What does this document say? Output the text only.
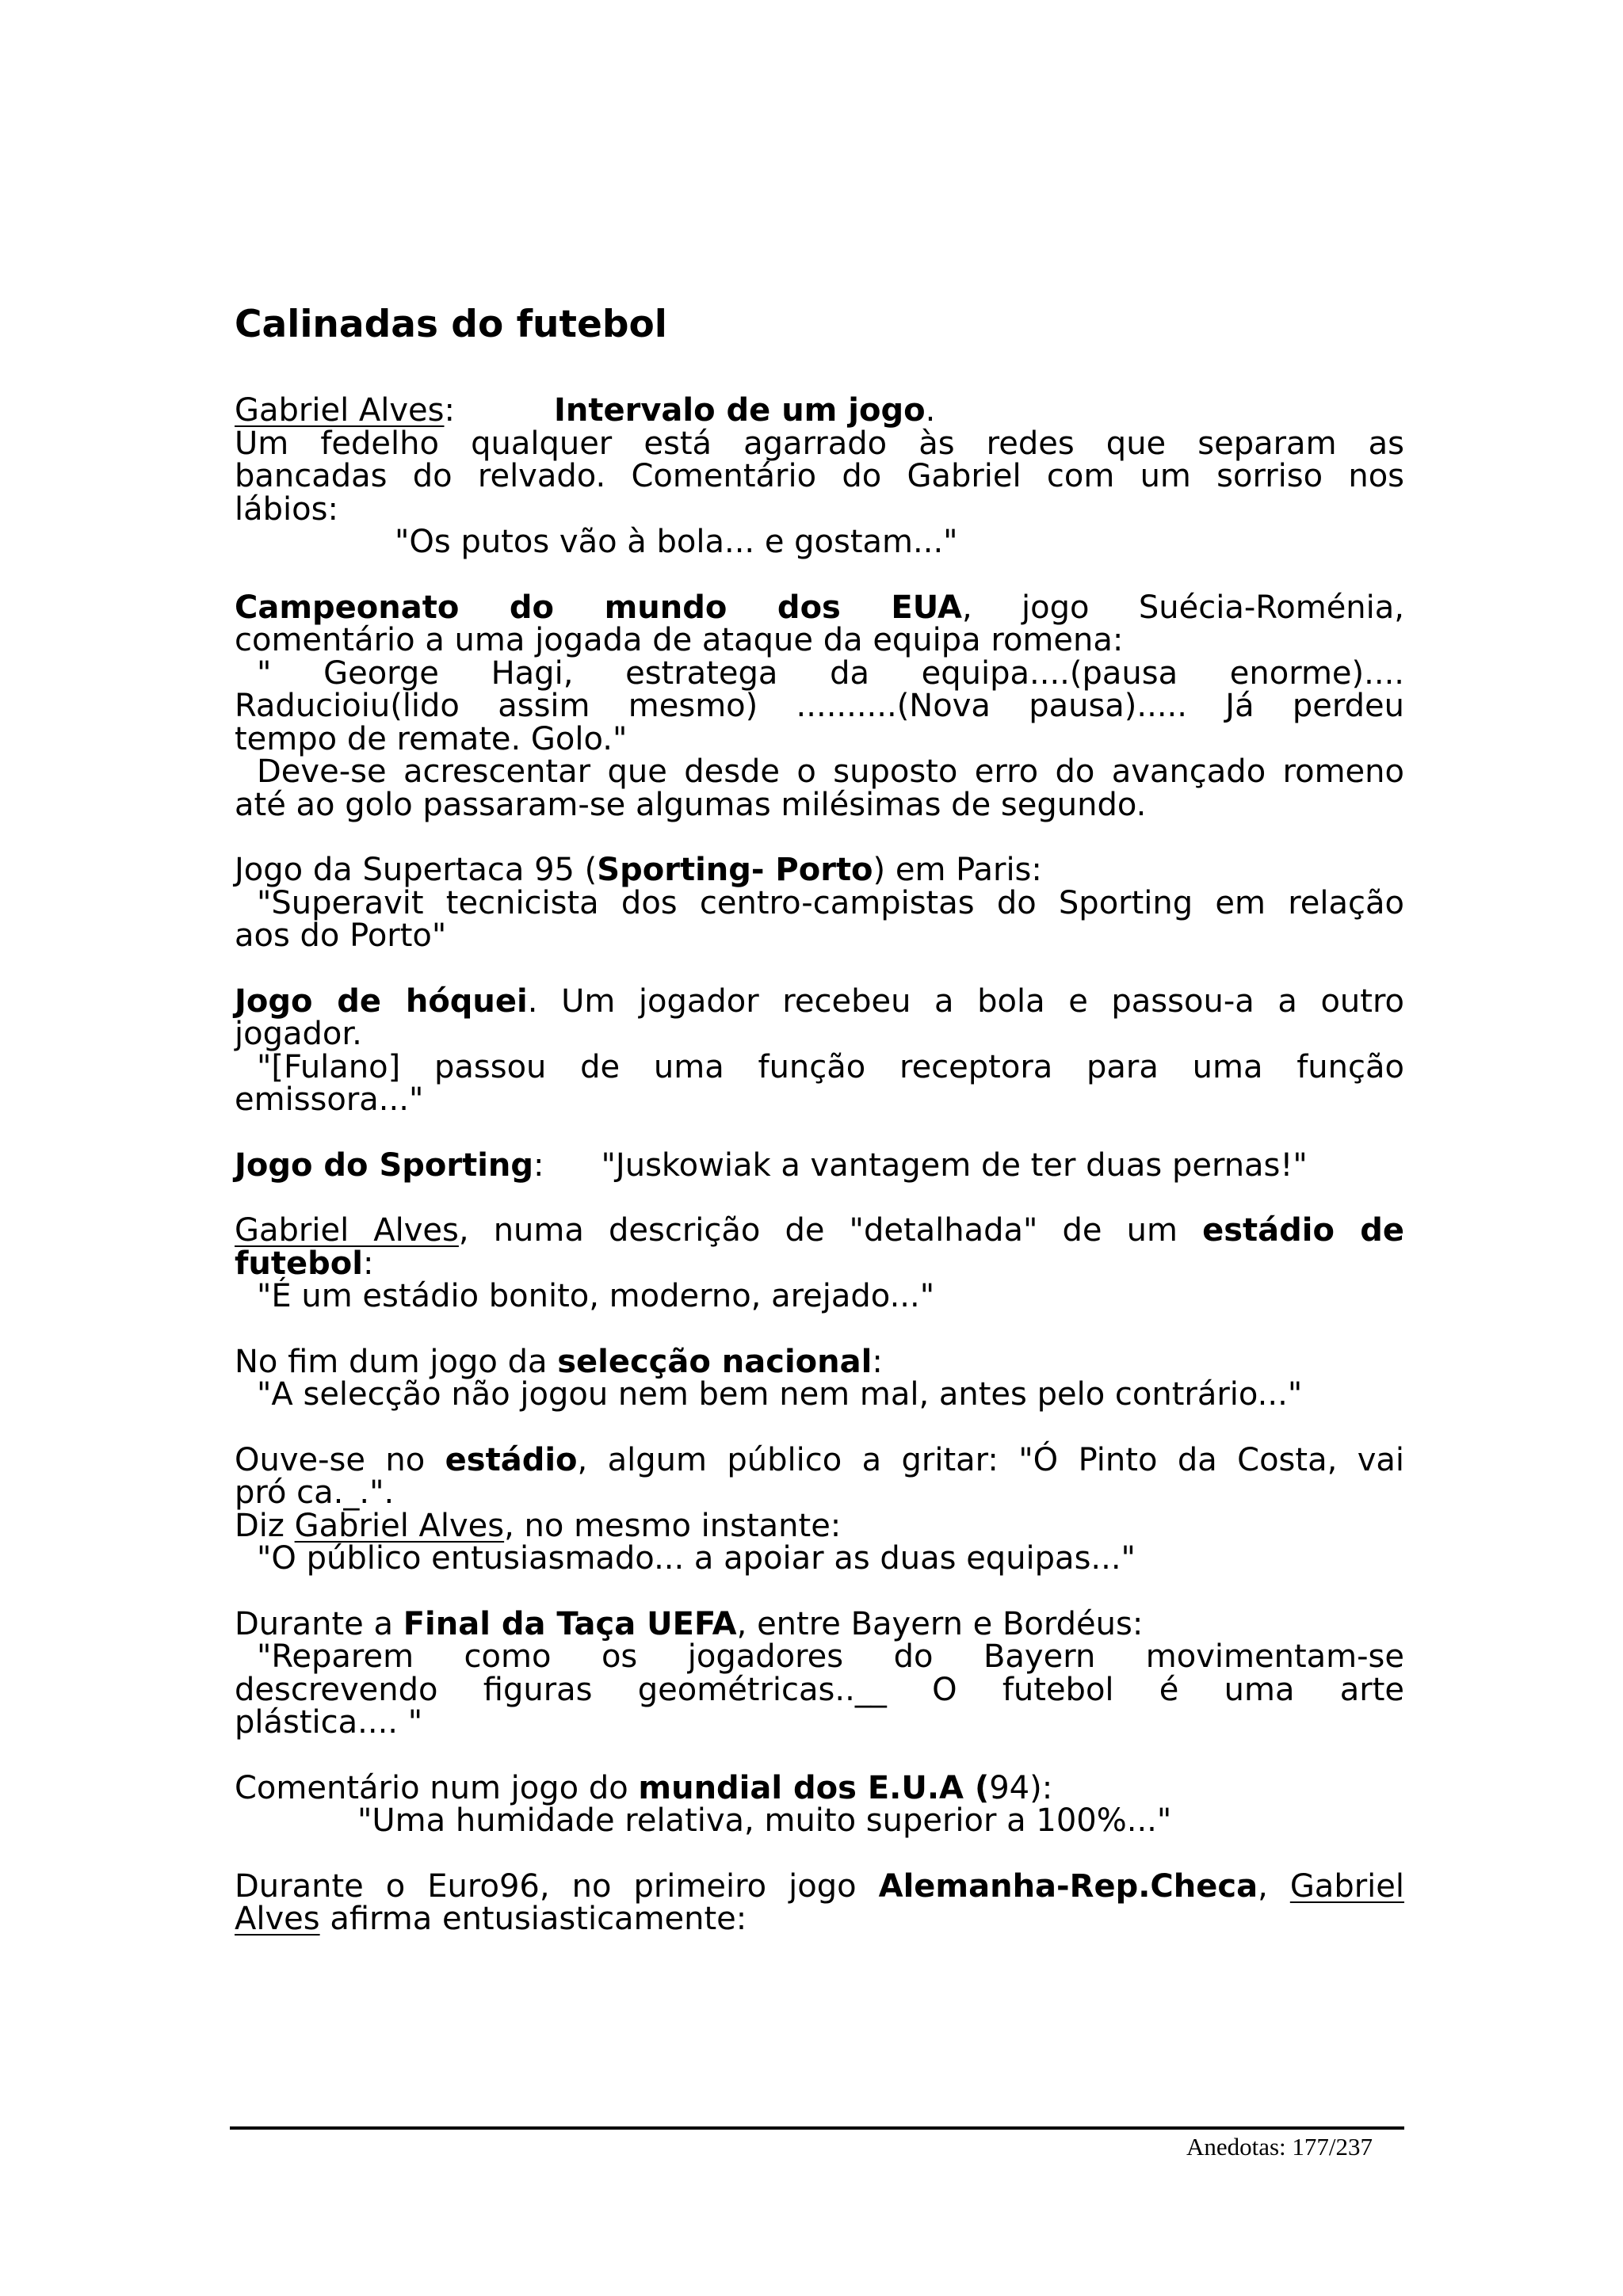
Calinadas do futebol
Gabriel Alves:	Intervalo de um jogo.
Um fedelho qualquer está agarrado às redes que separam as
bancadas do relvado. Comentário do Gabriel com um sorriso nos
lábios:
"Os putos vão à bola... e gostam..."
Campeonato do mundo dos EUA, jogo Suécia-Roménia,
comentário a uma jogada de ataque da equipa romena:
" George Hagi, estratega da equipa....(pausa enorme)....
Raducioiu(lido assim mesmo) ..........(Nova pausa)..... Já perdeu
tempo de remate. Golo."
Deve-se acrescentar que desde o suposto erro do avançado romeno
até ao golo passaram-se algumas milésimas de segundo.
Jogo da Supertaca 95 (Sporting- Porto) em Paris:
"Superavit tecnicista dos centro-campistas do Sporting em relação
aos do Porto"
Jogo de hóquei. Um jogador recebeu a bola e passou-a a outro
jogador.
"[Fulano] passou de uma função receptora para uma função
emissora..."
Jogo do Sporting: "Juskowiak a vantagem de ter duas pernas!"
Gabriel Alves, numa descrição de "detalhada" de um estádio de
futebol:
"É um estádio bonito, moderno, arejado..."
No fim dum jogo da selecção nacional:
"A selecção não jogou nem bem nem mal, antes pelo contrário..."
Ouve-se no estádio, algum público a gritar: "Ó Pinto da Costa, vai
pró ca._.".
Diz Gabriel Alves, no mesmo instante:
"O público entusiasmado... a apoiar as duas equipas..."
Durante a Final da Taça UEFA, entre Bayern e Bordéus:
"Reparem como os jogadores do Bayern movimentam-se
descrevendo figuras geométricas..__ O futebol é uma arte
plástica.... "
Comentário num jogo do mundial dos E.U.A (94):
"Uma humidade relativa, muito superior a 100%..."
Durante o Euro96, no primeiro jogo Alemanha-Rep.Checa, Gabriel
Alves afirma entusiasticamente:
Anedotas: 177/237
